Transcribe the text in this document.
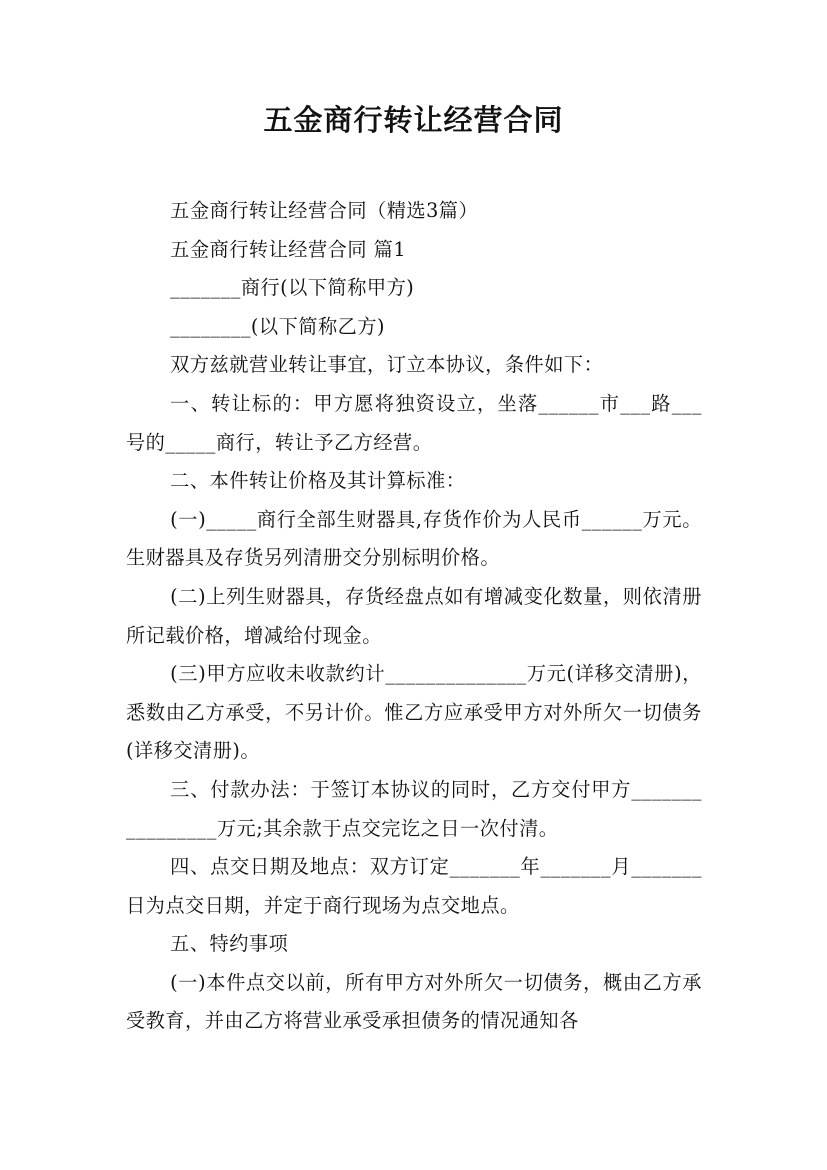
五金商行转让经营合同

五金商行转让经营合同（精选3篇）

五金商行转让经营合同 篇1

_______商行(以下简称甲方)

________(以下简称乙方)

双方兹就营业转让事宜，订立本协议，条件如下：

一、转让标的：甲方愿将独资设立，坐落______市___路___号的_____商行，转让予乙方经营。

二、本件转让价格及其计算标准：

(一)_____商行全部生财器具,存货作价为人民币______万元。生财器具及存货另列清册交分别标明价格。

(二)上列生财器具，存货经盘点如有增减变化数量，则依清册所记载价格，增减给付现金。

(三)甲方应收未收款约计______________万元(详移交清册)，悉数由乙方承受，不另计价。惟乙方应承受甲方对外所欠一切债务(详移交清册)。

三、付款办法：于签订本协议的同时，乙方交付甲方________________万元;其余款于点交完讫之日一次付清。

四、点交日期及地点：双方订定_______年_______月_______日为点交日期，并定于商行现场为点交地点。

五、特约事项

(一)本件点交以前，所有甲方对外所欠一切债务，概由乙方承受教育，并由乙方将营业承受承担债务的情况通知各
